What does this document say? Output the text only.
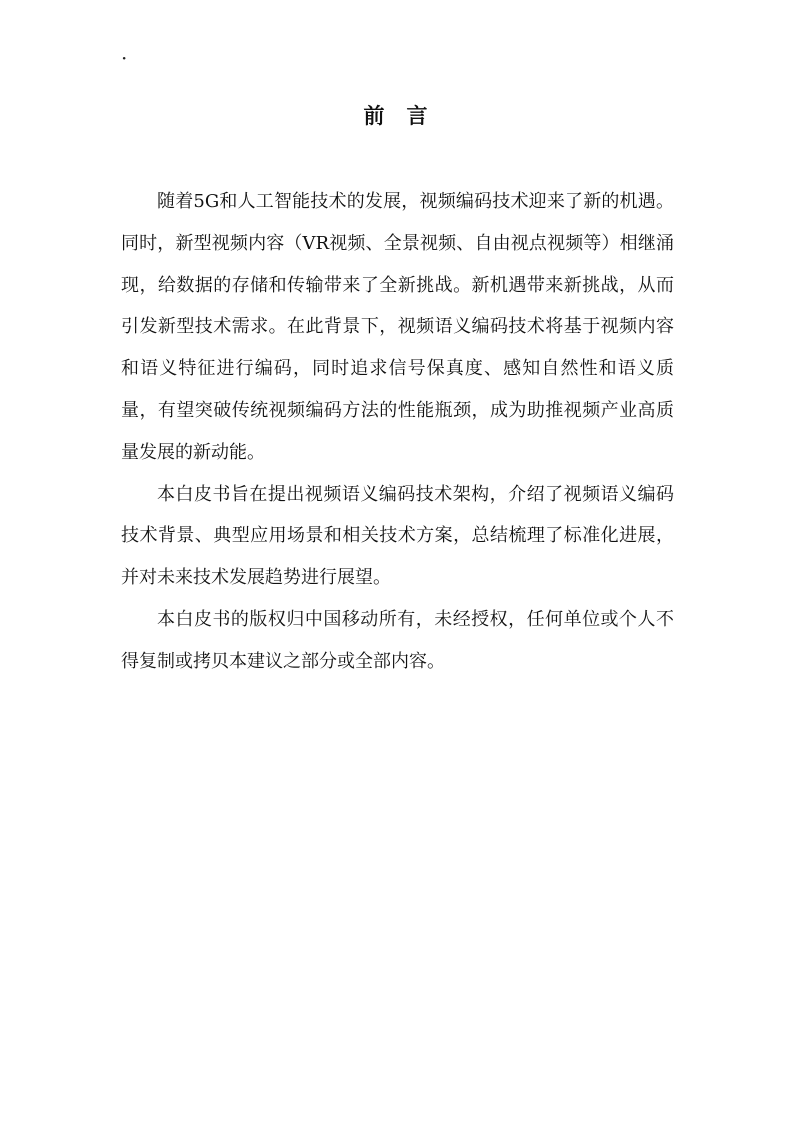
·
前 言

随着5G和人工智能技术的发展，视频编码技术迎来了新的机遇。同时，新型视频内容（VR视频、全景视频、自由视点视频等）相继涌现，给数据的存储和传输带来了全新挑战。新机遇带来新挑战，从而引发新型技术需求。在此背景下，视频语义编码技术将基于视频内容和语义特征进行编码，同时追求信号保真度、感知自然性和语义质量，有望突破传统视频编码方法的性能瓶颈，成为助推视频产业高质量发展的新动能。

本白皮书旨在提出视频语义编码技术架构，介绍了视频语义编码技术背景、典型应用场景和相关技术方案，总结梳理了标准化进展，并对未来技术发展趋势进行展望。

本白皮书的版权归中国移动所有，未经授权，任何单位或个人不得复制或拷贝本建议之部分或全部内容。
